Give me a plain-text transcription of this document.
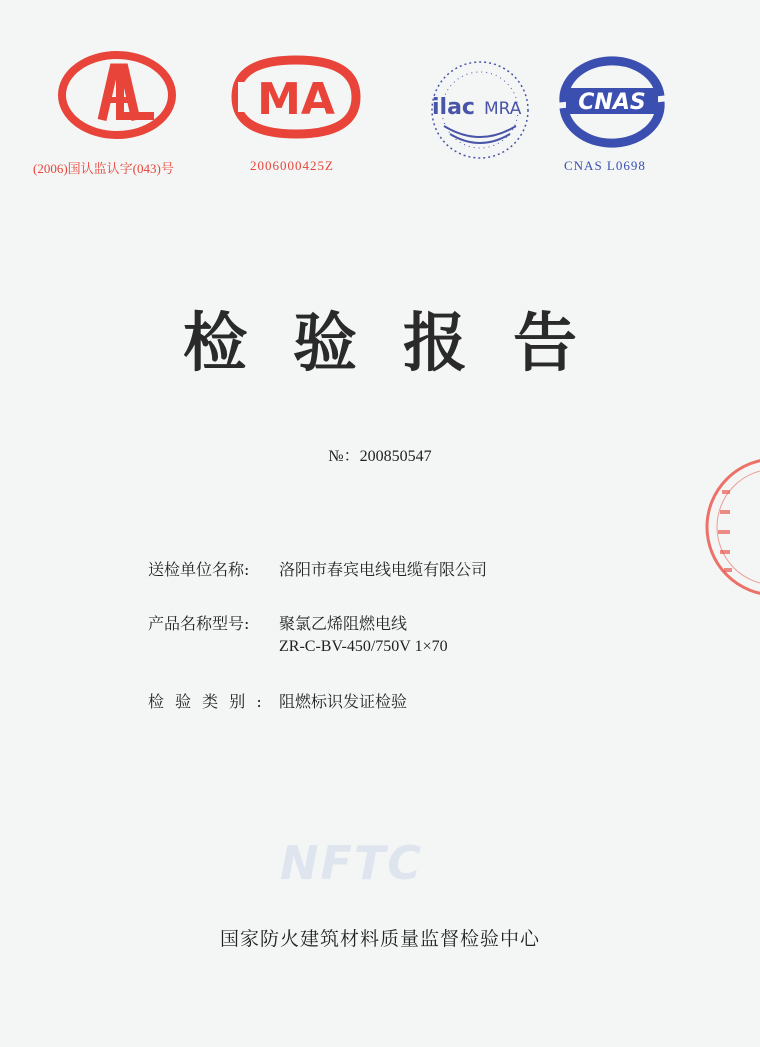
(2006)国认监认字(043)号
MA
2006000425Z
ilac MRA	CNAS
CNAS L0698
检验报告
№：200850547
送检单位名称: 洛阳市春宾电线电缆有限公司
产品名称型号: 聚氯乙烯阻燃电线
ZR-C-BV-450/750V 1×70
检 验 类 别 : 阻燃标识发证检验
NFTC
国家防火建筑材料质量监督检验中心
